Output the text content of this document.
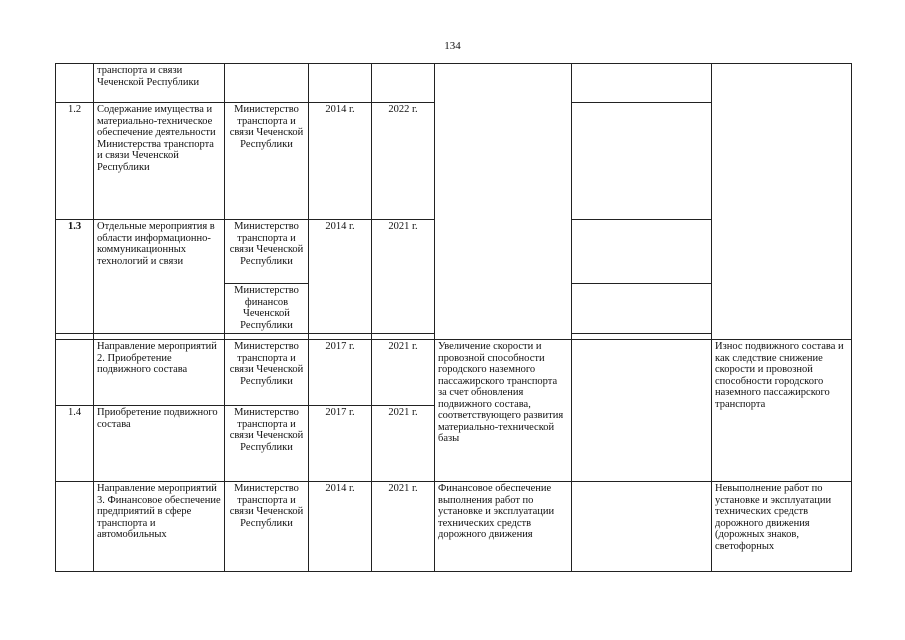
134
	транспорта и связи Чеченской Республики						
1.2	Содержание имущества и материально-техническое обеспечение деятельности Министерства транспорта и связи Чеченской Республики	Министерство транспорта и связи Чеченской Республики	2014 г.	2022 г.			
1.3	Отдельные мероприятия в области информационно-коммуникационных технологий и связи	Министерство транспорта и связи Чеченской Республики	2014 г.	2021 г.			
		Министерство финансов Чеченской Республики					

	Направление мероприятий 2. Приобретение подвижного состава	Министерство транспорта и связи Чеченской Республики	2017 г.	2021 г.	Увеличение скорости и провозной способности городского наземного пассажирского транспорта за счет обновления подвижного состава, соответствующего развития материально-технической базы		Износ подвижного состава и как следствие снижение скорости и провозной способности городского наземного пассажирского транспорта
1.4	Приобретение подвижного состава	Министерство транспорта и связи Чеченской Республики	2017 г.	2021 г.			
	Направление мероприятий 3. Финансовое обеспечение предприятий в сфере транспорта и автомобильных	Министерство транспорта и связи Чеченской Республики	2014 г.	2021 г.	Финансовое обеспечение выполнения работ по установке и эксплуатации технических средств дорожного движения		Невыполнение работ по установке и эксплуатации технических средств дорожного движения (дорожных знаков, светофорных
